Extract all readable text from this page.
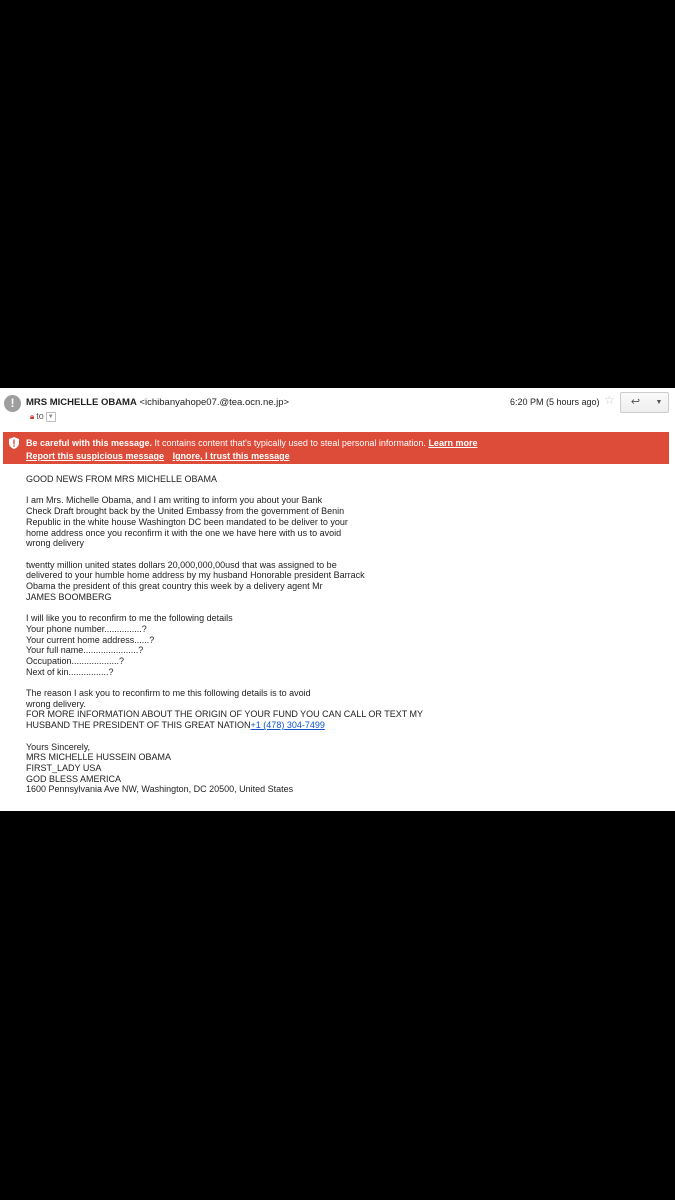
!	MRS MICHELLE OBAMA <ichibanyahope07.@tea.ocn.ne.jp>
🔒︎ to ▼
6:20 PM (5 hours ago) ☆	↩	▼
Be careful with this message. It contains content that's typically used to steal personal information. Learn more
Report this suspicious message Ignore, I trust this message

GOOD NEWS FROM MRS MICHELLE OBAMA

I am Mrs. Michelle Obama, and I am writing to inform you about your Bank

Check Draft brought back by the United Embassy from the government of Benin

Republic in the white house Washington DC been mandated to be deliver to your

home address once you reconfirm it with the one we have here with us to avoid

wrong delivery

twentty million united states dollars 20,000,000,00usd that was assigned to be

delivered to your humble home address by my husband Honorable president Barrack

Obama the president of this great country this week by a delivery agent Mr

JAMES BOOMBERG

I will like you to reconfirm to me the following details

Your phone number...............?

Your current home address......?

Your full name......................?

Occupation...................?

Next of kin................?

The reason I ask you to reconfirm to me this following details is to avoid

wrong delivery.

FOR MORE INFORMATION ABOUT THE ORIGIN OF YOUR FUND YOU CAN CALL OR TEXT MY

HUSBAND THE PRESIDENT OF THIS GREAT NATION+1 (478) 304-7499

Yours Sincerely,

MRS MICHELLE HUSSEIN OBAMA

FIRST_LADY USA

GOD BLESS AMERICA

1600 Pennsylvania Ave NW, Washington, DC 20500, United States
